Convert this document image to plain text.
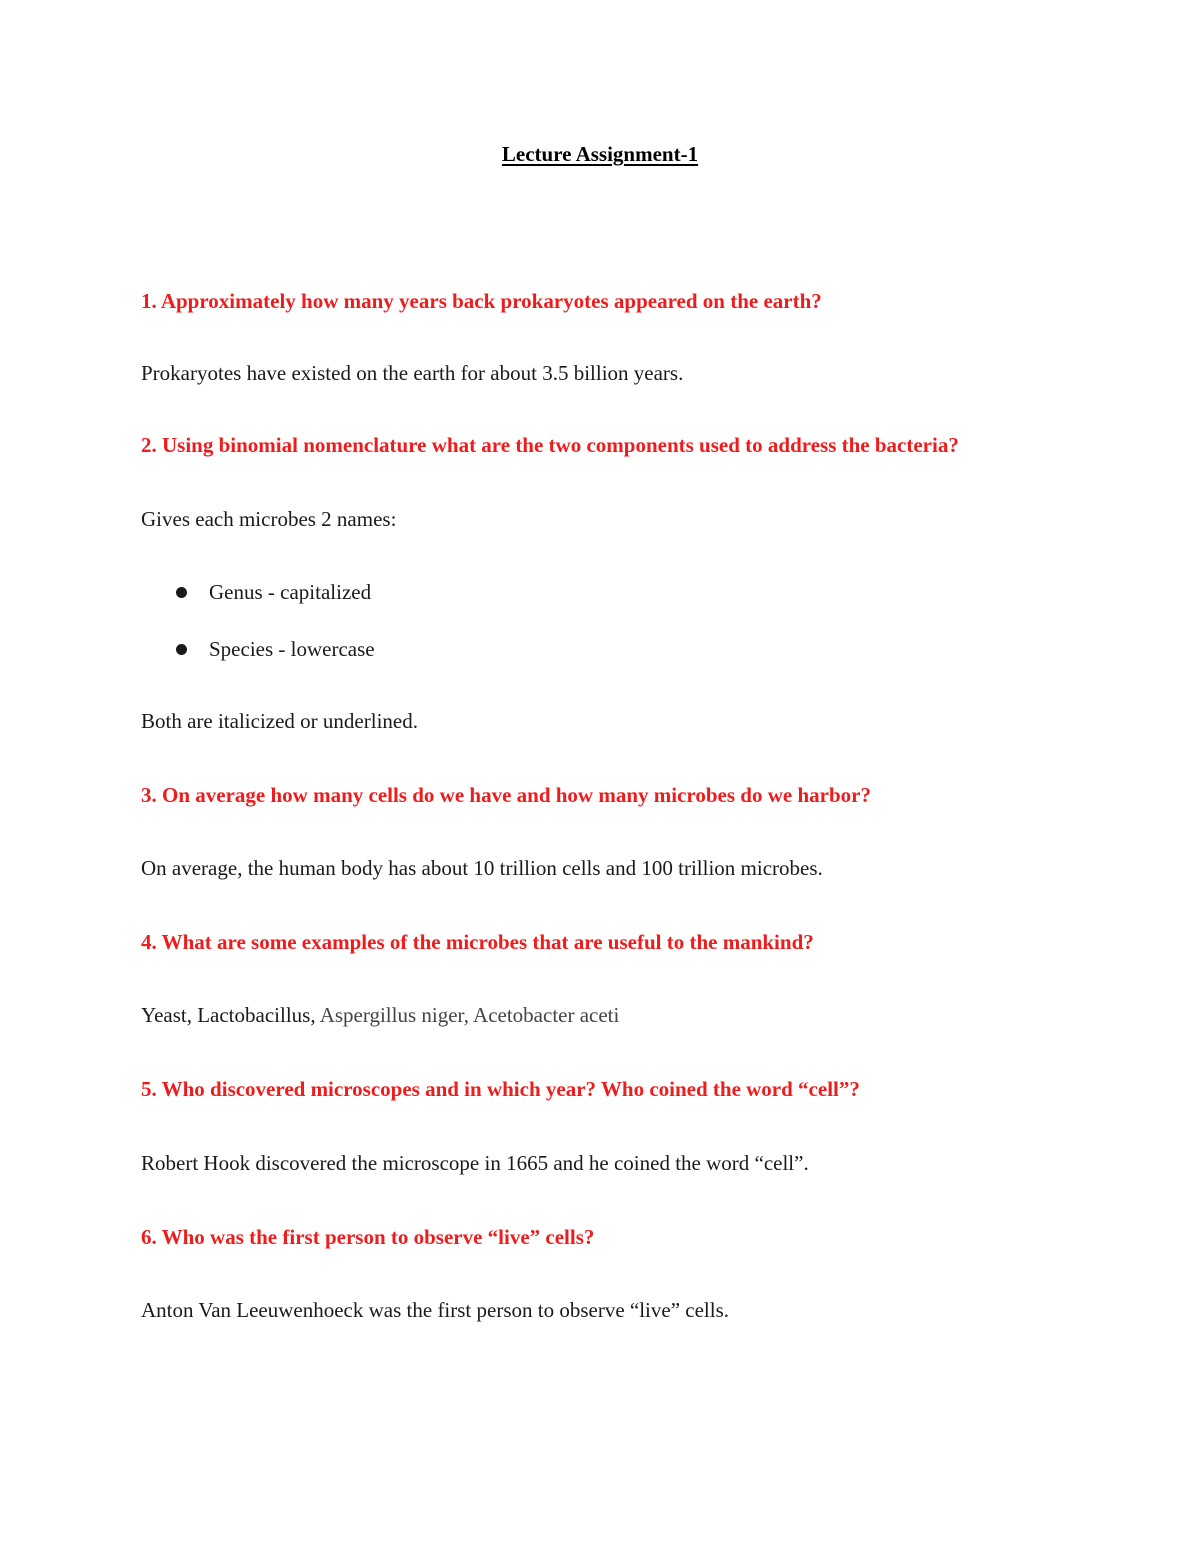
Lecture Assignment-1
1. Approximately how many years back prokaryotes appeared on the earth?
Prokaryotes have existed on the earth for about 3.5 billion years.
2. Using binomial nomenclature what are the two components used to address the bacteria?
Gives each microbes 2 names:
Genus - capitalized
Species - lowercase
Both are italicized or underlined.
3. On average how many cells do we have and how many microbes do we harbor?
On average, the human body has about 10 trillion cells and 100 trillion microbes.
4. What are some examples of the microbes that are useful to the mankind?
Yeast, Lactobacillus, Aspergillus niger, Acetobacter aceti
5. Who discovered microscopes and in which year? Who coined the word “cell”?
Robert Hook discovered the microscope in 1665 and he coined the word “cell”.
6. Who was the first person to observe “live” cells?
Anton Van Leeuwenhoeck was the first person to observe “live” cells.
